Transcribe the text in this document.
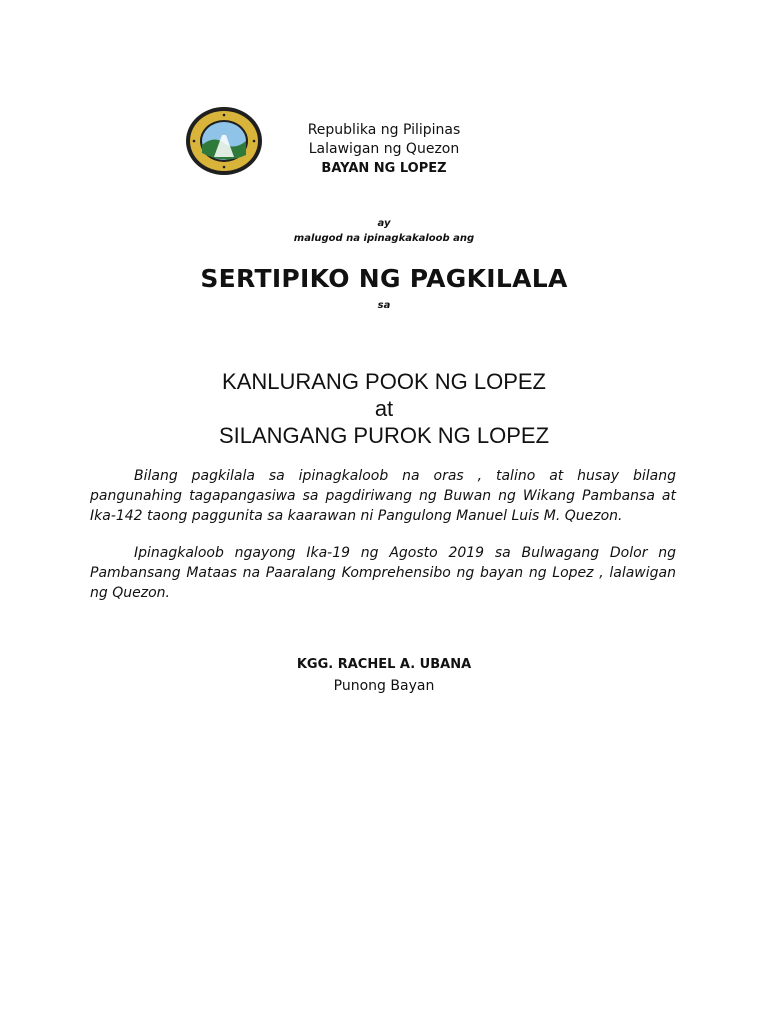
Republika ng Pilipinas
Lalawigan ng Quezon
BAYAN NG LOPEZ
ay
malugod na ipinagkakaloob ang
SERTIPIKO NG PAGKILALA
sa
KANLURANG POOK NG LOPEZ
at
SILANGANG PUROK NG LOPEZ

Bilang pagkilala sa ipinagkaloob na oras , talino at husay bilang pangunahing tagapangasiwa sa pagdiriwang ng Buwan ng Wikang Pambansa at Ika-142 taong paggunita sa kaarawan ni Pangulong Manuel Luis M. Quezon.

Ipinagkaloob ngayong Ika-19 ng Agosto 2019 sa Bulwagang Dolor ng Pambansang Mataas na Paaralang Komprehensibo ng bayan ng Lopez , lalawigan ng Quezon.

KGG. RACHEL A. UBANA
Punong Bayan
